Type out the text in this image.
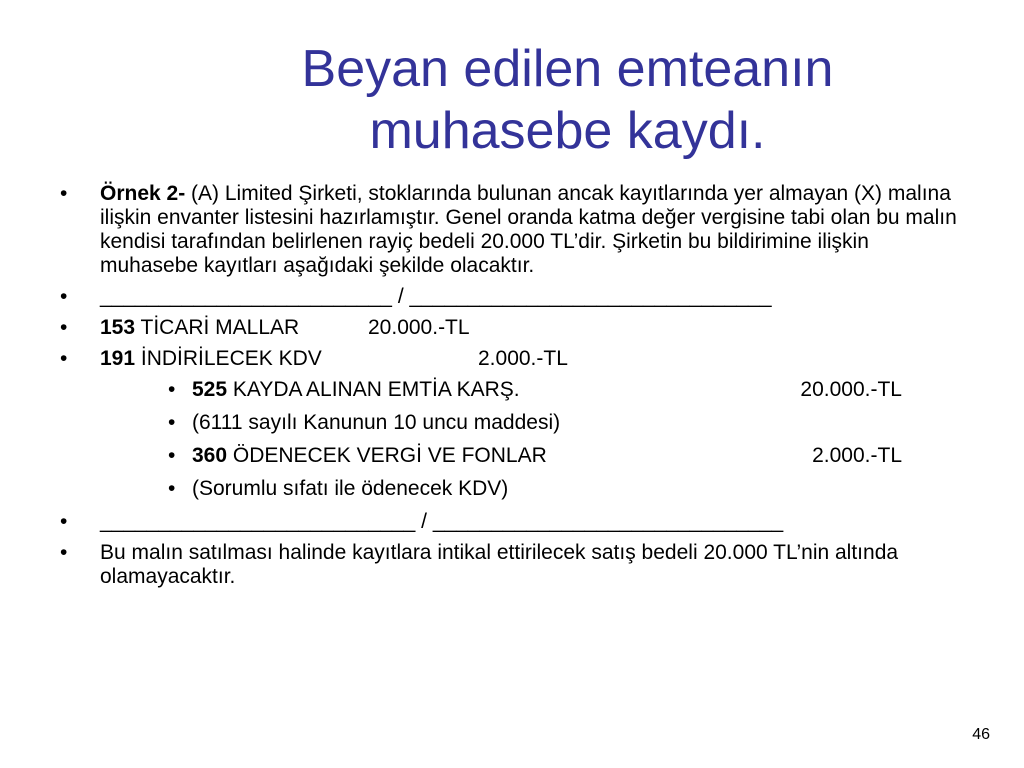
Beyan edilen emteanın
muhasebe kaydı.
• Örnek 2- (A) Limited Şirketi, stoklarında bulunan ancak kayıtlarında yer almayan (X) malına ilişkin envanter listesini hazırlamıştır. Genel oranda katma değer vergisine tabi olan bu malın kendisi tarafından belirlenen rayiç bedeli 20.000 TL’dir. Şirketin bu bildirimine ilişkin muhasebe kayıtları aşağıdaki şekilde olacaktır.
• _________________________ / _______________________________
• 153 TİCARİ MALLAR	20.000.-TL
• 191 İNDİRİLECEK KDV	2.000.-TL
• 525 KAYDA ALINAN EMTİA KARŞ.	20.000.-TL
• (6111 sayılı Kanunun 10 uncu maddesi)
• 360 ÖDENECEK VERGİ VE FONLAR	2.000.-TL
• (Sorumlu sıfatı ile ödenecek KDV)
• ___________________________ / ______________________________
• Bu malın satılması halinde kayıtlara intikal ettirilecek satış bedeli 20.000 TL’nin altında olamayacaktır.
46
